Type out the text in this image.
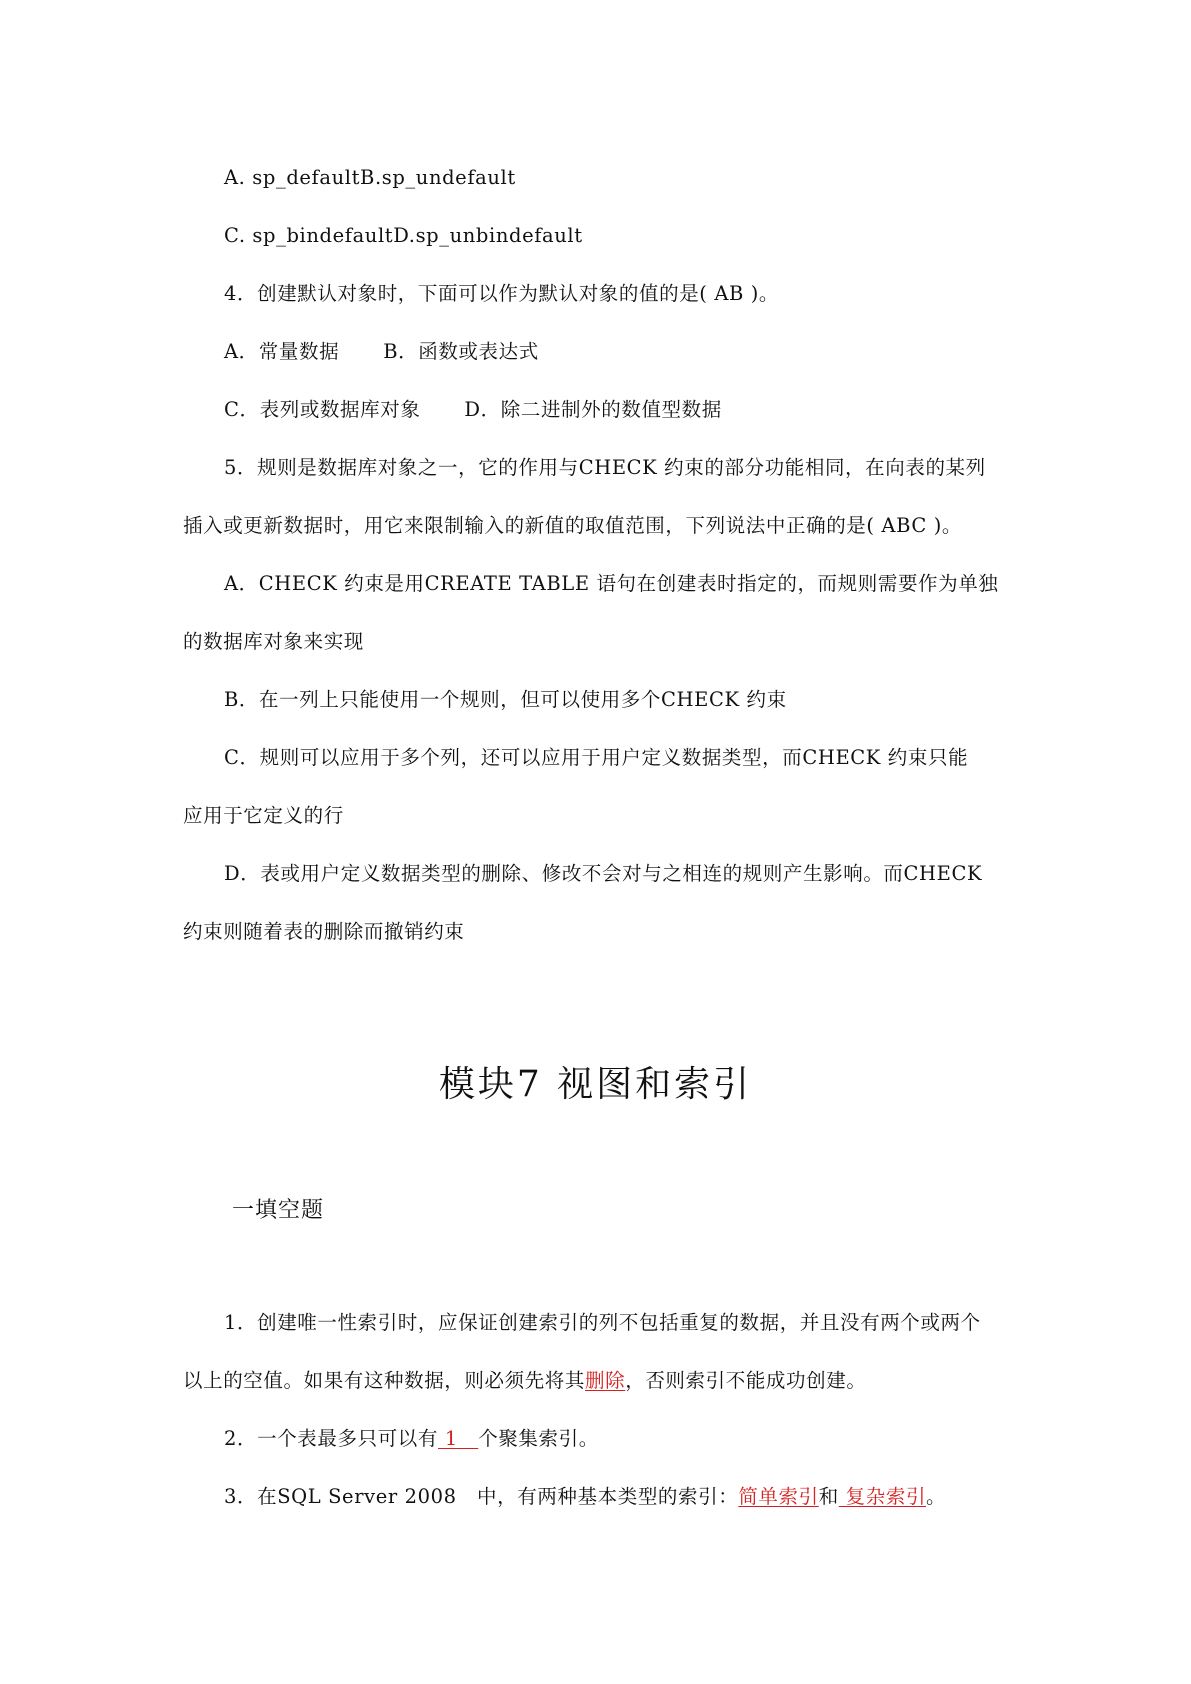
A. sp_defaultB.sp_undefault
C. sp_bindefaultD.sp_unbindefault
4．创建默认对象时，下面可以作为默认对象的值的是( AB )。
A．常量数据 B．函数或表达式
C．表列或数据库对象 D．除二进制外的数值型数据
5．规则是数据库对象之一，它的作用与CHECK 约束的部分功能相同，在向表的某列
插入或更新数据时，用它来限制输入的新值的取值范围，下列说法中正确的是( ABC )。
A．CHECK 约束是用CREATE TABLE 语句在创建表时指定的，而规则需要作为单独
的数据库对象来实现
B．在一列上只能使用一个规则，但可以使用多个CHECK 约束
C．规则可以应用于多个列，还可以应用于用户定义数据类型，而CHECK 约束只能
应用于它定义的行
D．表或用户定义数据类型的删除、修改不会对与之相连的规则产生影响。而CHECK
约束则随着表的删除而撤销约束
模块7 视图和索引
一填空题
1．创建唯一性索引时，应保证创建索引的列不包括重复的数据，并且没有两个或两个
以上的空值。如果有这种数据，则必须先将其删除，否则索引不能成功创建。
2．一个表最多只可以有 1   个聚集索引。
3．在SQL Server 2008   中，有两种基本类型的索引：简单索引和 复杂索引。
